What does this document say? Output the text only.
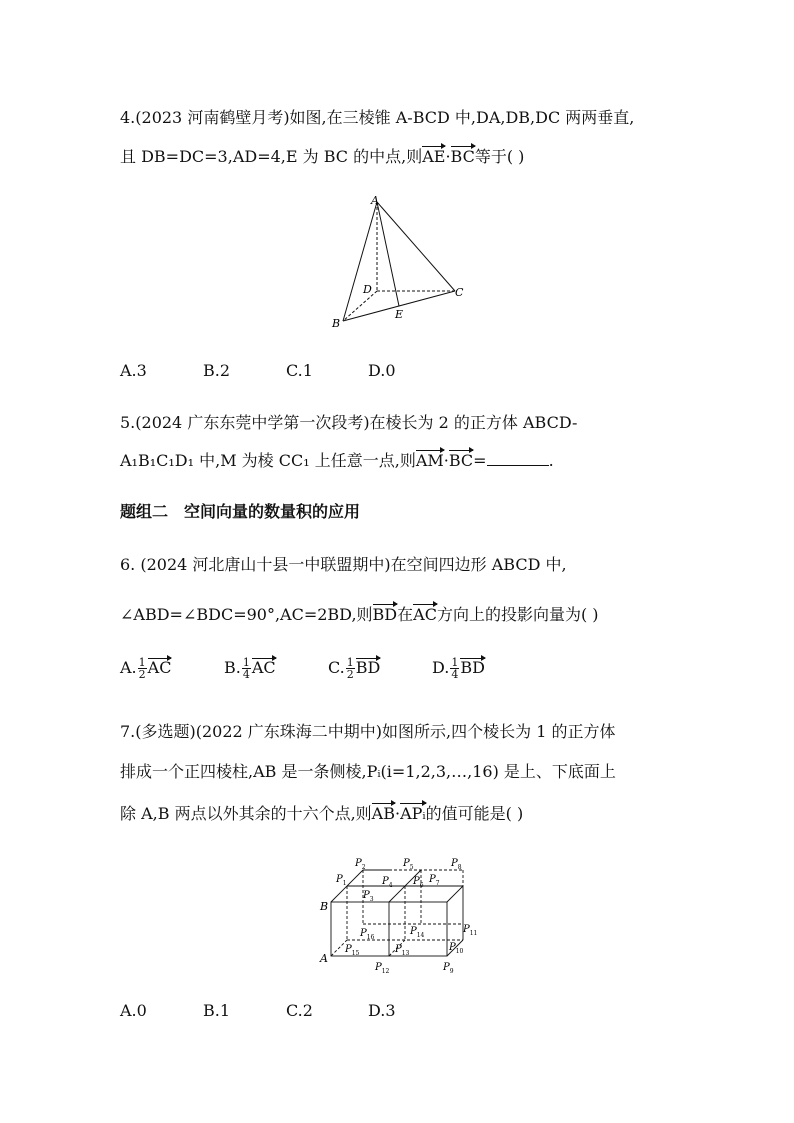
4.(2023 河南鹤壁月考)如图,在三棱锥 A-BCD 中,DA,DB,DC 两两垂直,
且 DB=DC=3,AD=4,E 为 BC 的中点,则AE·BC等于( )
A
B
C
D
E
A.3	B.2	C.1	D.0
5.(2024 广东东莞中学第一次段考)在棱长为 2 的正方体 ABCD-
A₁B₁C₁D₁ 中,M 为棱 CC₁ 上任意一点,则AM·BC=	.
题组二　空间向量的数量积的应用
6. (2024 河北唐山十县一中联盟期中)在空间四边形 ABCD 中,
∠ABD=∠BDC=90°,AC=2BD,则BD在AC方向上的投影向量为( )
A. $\frac{1}{2}$ AC	B. $\frac{1}{4}$ AC	C. $\frac{1}{2}$ BD	D. $\frac{1}{4}$ BD
7.(多选题)(2022 广东珠海二中期中)如图所示,四个棱长为 1 的正方体
排成一个正四棱柱,AB 是一条侧棱,Pᵢ(i=1,2,3,…,16) 是上、下底面上
除 A,B 两点以外其余的十六个点,则AB·APᵢ的值可能是( )
B
A
$P_1$
$P_2$
$P_3$
$P_4$
$P_5$
$P_6$
$P_7$
$P_8$
$P_9$
$P_{10}$
$P_{11}$
$P_{12}$
$P_{13}$
$P_{14}$
$P_{15}$
$P_{16}$
A.0	B.1	C.2	D.3
